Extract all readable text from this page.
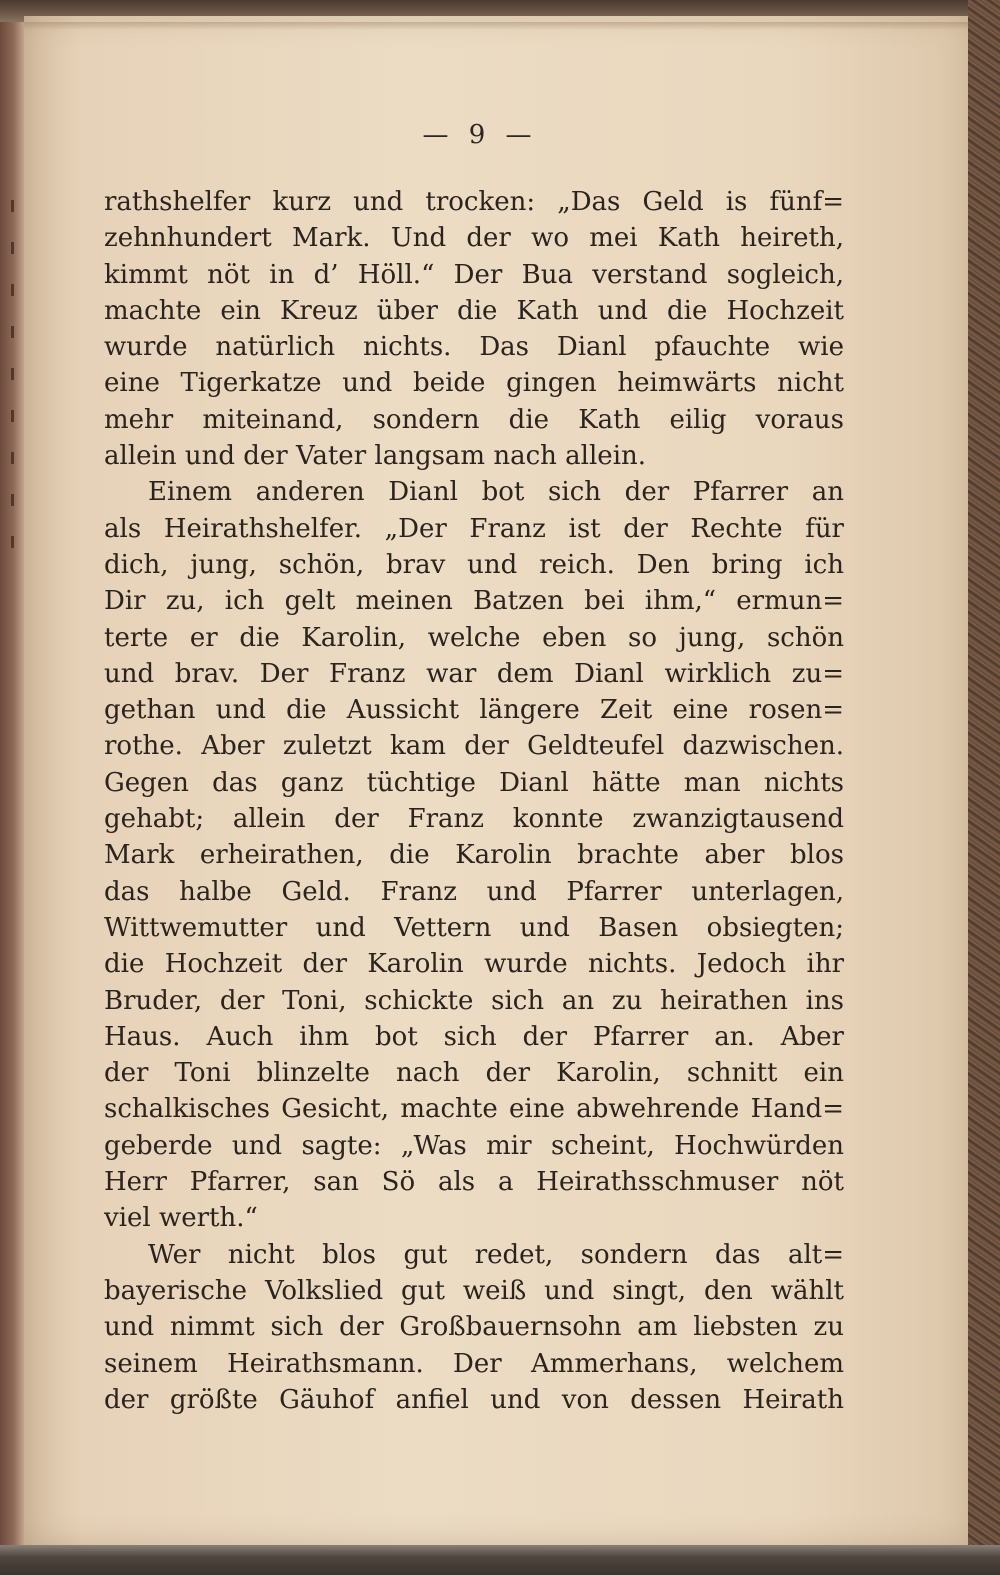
— 9 —
rathshelfer kurz und trocken: „Das Geld is fünf=
zehnhundert Mark. Und der wo mei Kath heireth,
kimmt nöt in d’ Höll.“ Der Bua verstand sogleich,
machte ein Kreuz über die Kath und die Hochzeit
wurde natürlich nichts. Das Dianl pfauchte wie
eine Tigerkatze und beide gingen heimwärts nicht
mehr miteinand, sondern die Kath eilig voraus
allein und der Vater langsam nach allein.
Einem anderen Dianl bot sich der Pfarrer an
als Heirathshelfer. „Der Franz ist der Rechte für
dich, jung, schön, brav und reich. Den bring ich
Dir zu, ich gelt meinen Batzen bei ihm,“ ermun=
terte er die Karolin, welche eben so jung, schön
und brav. Der Franz war dem Dianl wirklich zu=
gethan und die Aussicht längere Zeit eine rosen=
rothe. Aber zuletzt kam der Geldteufel dazwischen.
Gegen das ganz tüchtige Dianl hätte man nichts
gehabt; allein der Franz konnte zwanzigtausend
Mark erheirathen, die Karolin brachte aber blos
das halbe Geld. Franz und Pfarrer unterlagen,
Wittwemutter und Vettern und Basen obsiegten;
die Hochzeit der Karolin wurde nichts. Jedoch ihr
Bruder, der Toni, schickte sich an zu heirathen ins
Haus. Auch ihm bot sich der Pfarrer an. Aber
der Toni blinzelte nach der Karolin, schnitt ein
schalkisches Gesicht, machte eine abwehrende Hand=
geberde und sagte: „Was mir scheint, Hochwürden
Herr Pfarrer, san Sö als a Heirathsschmuser nöt
viel werth.“
Wer nicht blos gut redet, sondern das alt=
bayerische Volkslied gut weiß und singt, den wählt
und nimmt sich der Großbauernsohn am liebsten zu
seinem Heirathsmann. Der Ammerhans, welchem
der größte Gäuhof anfiel und von dessen Heirath
